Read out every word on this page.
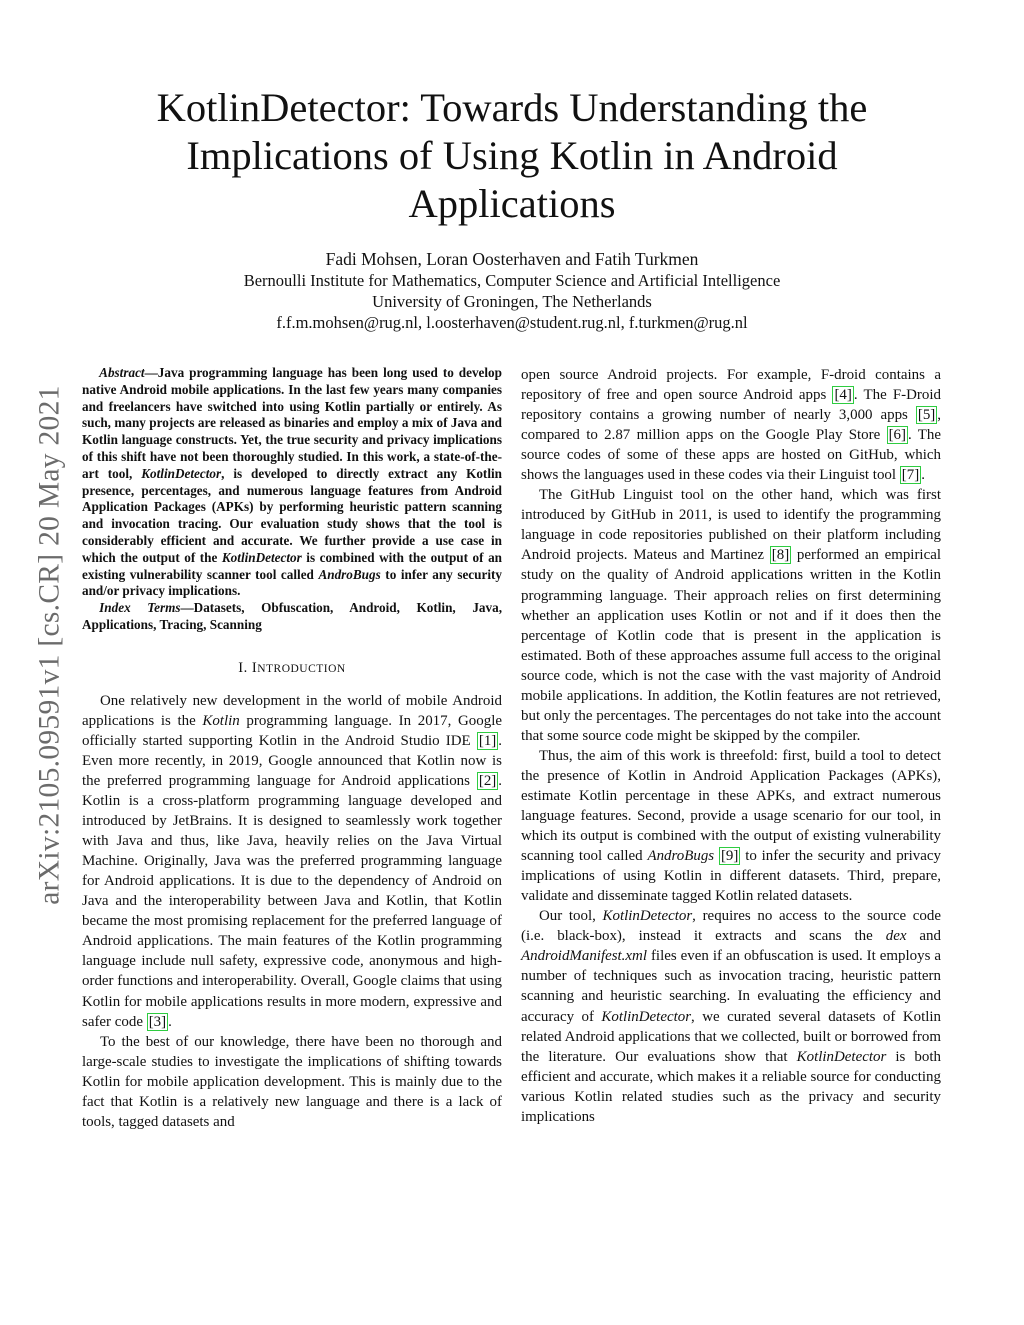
arXiv:2105.09591v1 [cs.CR] 20 May 2021
KotlinDetector: Towards Understanding the
Implications of Using Kotlin in Android
Applications
Fadi Mohsen, Loran Oosterhaven and Fatih Turkmen
Bernoulli Institute for Mathematics, Computer Science and Artificial Intelligence
University of Groningen, The Netherlands
f.f.m.mohsen@rug.nl, l.oosterhaven@student.rug.nl, f.turkmen@rug.nl

Abstract—Java programming language has been long used to develop native Android mobile applications. In the last few years many companies and freelancers have switched into using Kotlin partially or entirely. As such, many projects are released as binaries and employ a mix of Java and Kotlin language constructs. Yet, the true security and privacy implications of this shift have not been thoroughly studied. In this work, a state-of-the-art tool, KotlinDetector, is developed to directly extract any Kotlin presence, percentages, and numerous language features from Android Application Packages (APKs) by performing heuristic pattern scanning and invocation tracing. Our evaluation study shows that the tool is considerably efficient and accurate. We further provide a use case in which the output of the KotlinDetector is combined with the output of an existing vulnerability scanner tool called AndroBugs to infer any security and/or privacy implications.

Index Terms—Datasets, Obfuscation, Android, Kotlin, Java, Applications, Tracing, Scanning

I. INTRODUCTION

One relatively new development in the world of mobile Android applications is the Kotlin programming language. In 2017, Google officially started supporting Kotlin in the Android Studio IDE [1] . Even more recently, in 2019, Google announced that Kotlin now is the preferred programming language for Android applications [2] . Kotlin is a cross-platform programming language developed and introduced by JetBrains. It is designed to seamlessly work together with Java and thus, like Java, heavily relies on the Java Virtual Machine. Originally, Java was the preferred programming language for Android applications. It is due to the dependency of Android on Java and the interoperability between Java and Kotlin, that Kotlin became the most promising replacement for the preferred language of Android applications. The main features of the Kotlin programming language include null safety, expressive code, anonymous and high-order functions and interoperability. Overall, Google claims that using Kotlin for mobile applications results in more modern, expressive and safer code [3] .

To the best of our knowledge, there have been no thorough and large-scale studies to investigate the implications of shifting towards Kotlin for mobile application development. This is mainly due to the fact that Kotlin is a relatively new language and there is a lack of tools, tagged datasets and

open source Android projects. For example, F-droid contains a repository of free and open source Android apps [4] . The F-Droid repository contains a growing number of nearly 3,000 apps [5] , compared to 2.87 million apps on the Google Play Store [6] . The source codes of some of these apps are hosted on GitHub, which shows the languages used in these codes via their Linguist tool [7] .

The GitHub Linguist tool on the other hand, which was first introduced by GitHub in 2011, is used to identify the programming language in code repositories published on their platform including Android projects. Mateus and Martinez [8] performed an empirical study on the quality of Android applications written in the Kotlin programming language. Their approach relies on first determining whether an application uses Kotlin or not and if it does then the percentage of Kotlin code that is present in the application is estimated. Both of these approaches assume full access to the original source code, which is not the case with the vast majority of Android mobile applications. In addition, the Kotlin features are not retrieved, but only the percentages. The percentages do not take into the account that some source code might be skipped by the compiler.

Thus, the aim of this work is threefold: first, build a tool to detect the presence of Kotlin in Android Application Packages (APKs), estimate Kotlin percentage in these APKs, and extract numerous language features. Second, provide a usage scenario for our tool, in which its output is combined with the output of existing vulnerability scanning tool called AndroBugs [9] to infer the security and privacy implications of using Kotlin in different datasets. Third, prepare, validate and disseminate tagged Kotlin related datasets.

Our tool, KotlinDetector, requires no access to the source code (i.e. black-box), instead it extracts and scans the dex and AndroidManifest.xml files even if an obfuscation is used. It employs a number of techniques such as invocation tracing, heuristic pattern scanning and heuristic searching. In evaluating the efficiency and accuracy of KotlinDetector, we curated several datasets of Kotlin related Android applications that we collected, built or borrowed from the literature. Our evaluations show that KotlinDetector is both efficient and accurate, which makes it a reliable source for conducting various Kotlin related studies such as the privacy and security implications
